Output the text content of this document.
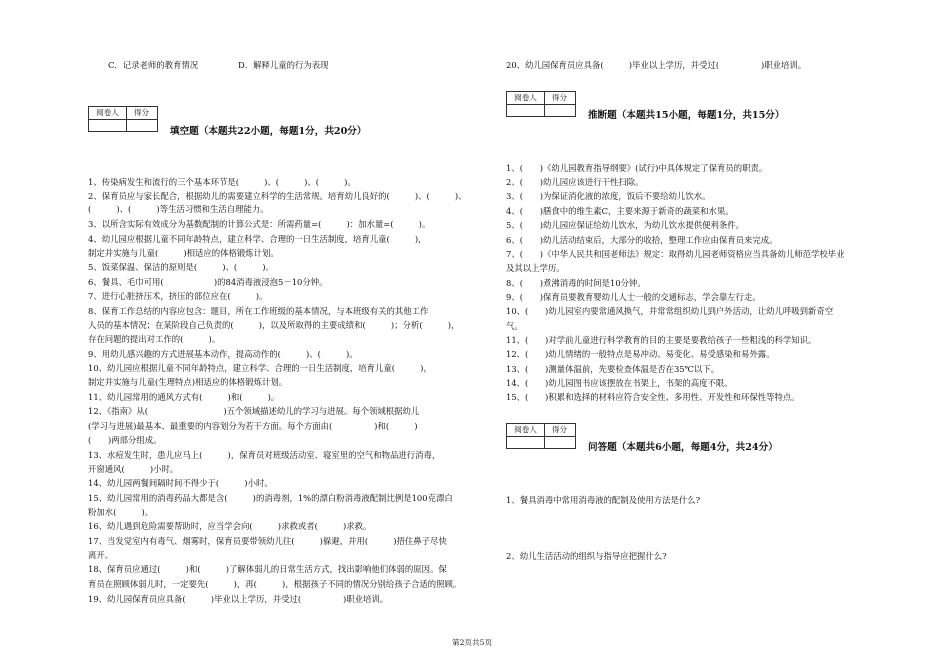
C．记录老师的教育情况	D．解释儿童的行为表现
阅卷人	得分
填空题（本题共22小题，每题1分，共20分）
1、传染病发生和流行的三个基本环节是(　　　)、(　　　)、(　　　)。
2、保育员应与家长配合，根据幼儿的需要建立科学的生活常规。培育幼儿良好的(　　　)、(　　　)、
(　　　)、(　　　)等生活习惯和生活自理能力。
3、以所含实际有效成分为基数配制的计算公式是：所需药量=(　　　)：加水量=(　　　)。
4、幼儿园应根据儿童不同年龄特点，建立科学、合理的一日生活制度，培育儿童(　　　)，
制定并实施与儿童(　　　)相适应的体格锻炼计划。
5、饭菜保温、保洁的原则是(　　　)、(　　　)。
6、餐具、毛巾可用(　　　　　　)的84消毒液浸泡5－10分钟。
7、进行心脏挤压术，挤压的部位应在(　　　)。
8、保育工作总结的内容应包含：题目，所在工作班级的基本情况，与本班级有关的其他工作
人员的基本情况；在某阶段自己负责的(　　　)，以及所取得的主要成绩和(　　　)；分析(　　　)，
存在问题的提出对工作的(　　　)。
9、用幼儿感兴趣的方式进展基本动作，提高动作的(　　　)、(　　　)。
10、幼儿园应根据儿童不同年龄特点，建立科学、合理的一日生活制度，培育儿童(　　　)，
制定并实施与儿童(生理特点)相适应的体格锻炼计划。
11、幼儿园常用的通风方式有(　　　)和(　　　)。
12、《指南》从(　　　　　　　　　)五个领域描述幼儿的学习与进展。每个领域根据幼儿
(学习与进展)最基本、最重要的内容划分为若干方面。每个方面由(　　　　　)和(　　　)
(　　)两部分组成。
13、水痘发生时，患儿应马上(　　　)，保育员对班级活动室、寝室里的空气和物品进行消毒，
开窗通风(　　　)小时。
14、幼儿园两餐间隔时间不得少于(　　　)小时。
15、幼儿园常用的消毒药品大都是含(　　　)的消毒剂，1%的漂白粉消毒液配制比例是100克漂白
粉加水(　　　)。
16、幼儿遇到危险需要帮助时，应当学会向(　　　)求救或者(　　　)求救。
17、当发觉室内有毒气、烟雾时，保育员要带领幼儿往(　　　)躲避，并用(　　　)捂住鼻子尽快
离开。
18、保育员应通过(　　　)和(　　　)了解体弱儿的日常生活方式，找出影响他们体弱的原因。保
育员在照顾体弱儿时，一定要先(　　　)，再(　　　)，根据孩子不同的情况分别给孩子合适的照顾。
19、幼儿园保育员应具备(　　　)毕业以上学历，并受过(　　　　　)职业培训。
20、幼儿园保育员应具备(　　　)毕业以上学历，并受过(　　　　　)职业培训。
阅卷人	得分
推断题（本题共15小题，每题1分，共15分）
1、(　　)《幼儿园教育指导纲要》(试行)中具体规定了保育员的职责。
2、(　　)幼儿园应该进行干性扫除。
3、(　　)为保证消化液的浓度，饭后不要给幼儿饮水。
4、(　　)膳食中的维生素C，主要来源于新奇的蔬菜和水果。
5、(　　)幼儿园应保证给幼儿饮水，为幼儿饮水提供便利条件。
6、(　　)幼儿活动结束后，大部分的收拾，整理工作应由保育员来完成。
7、(　　)《中华人民共和国老师法》规定：取得幼儿园老师资格应当具备幼儿师范学校毕业
及其以上学历。
8、(　　)煮沸消毒的时间是10分钟。
9、(　　)保育员要教育婴幼儿人士一般的交通标志，学会靠左行走。
10、(　　)幼儿园室内要常通风换气，并常常组织幼儿到户外活动，让幼儿呼吸到新奇空
气。
11、(　　)对学前儿童进行科学教育的目的主要是要教给孩子一些粗浅的科学知识。
12、(　　)幼儿情绪的一般特点是易冲动、易变化、易受感染和易外露。
13、(　　)测量体温前，先要检查体温是否在35℃以下。
14、(　　)幼儿园图书应该摆放在书架上，书架的高度不限。
15、(　　)积累和选择的材料应符合安全性、多用性、开发性和环保性等特点。
阅卷人	得分
问答题（本题共6小题，每题4分，共24分）
1、餐具消毒中常用消毒液的配制及使用方法是什么?
2、幼儿生活活动的组织与指导应把握什么?
第2页共5页
